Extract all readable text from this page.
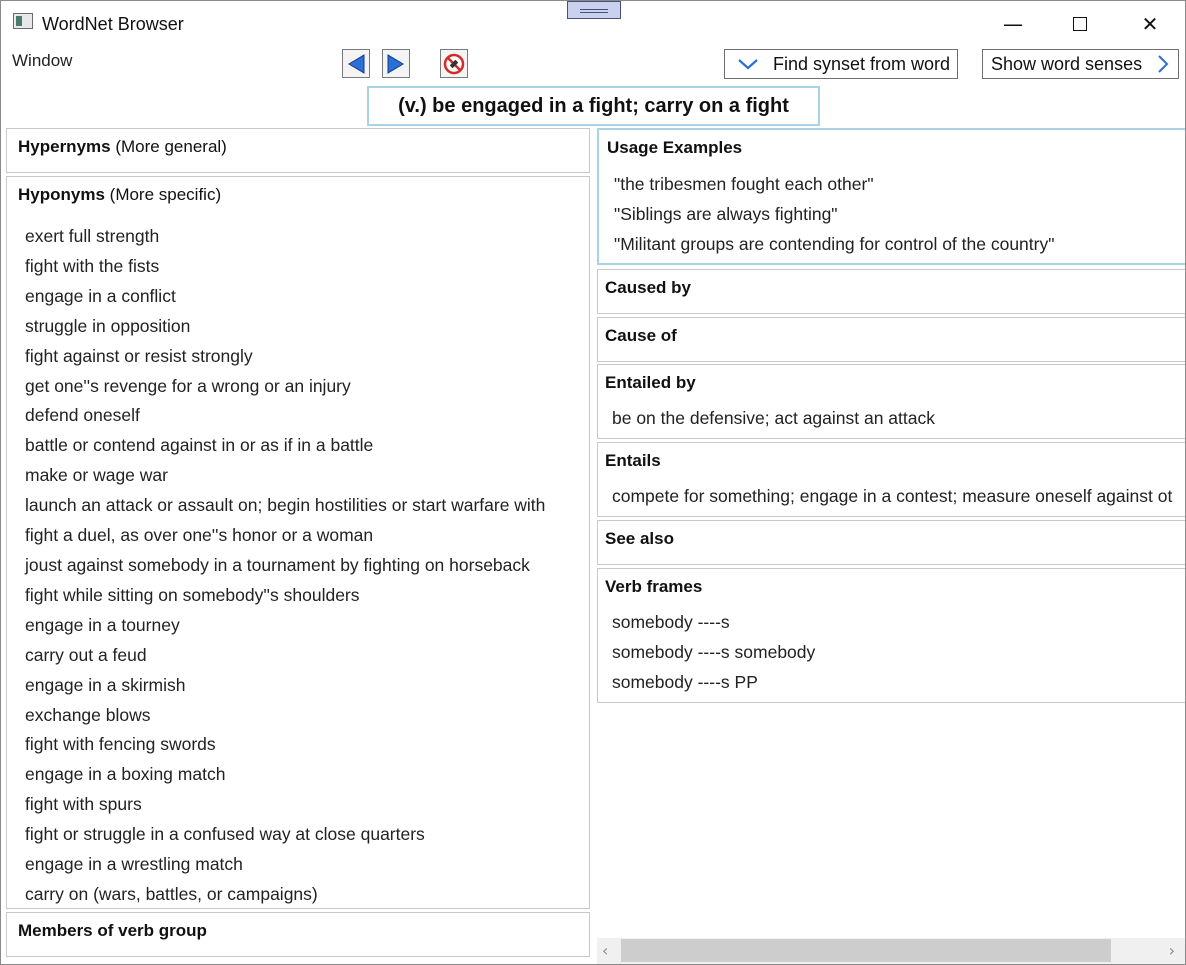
WordNet Browser	—	✕
Window	Find synset from word Show word senses
(v.) be engaged in a fight; carry on a fight
Hypernyms (More general)
Hyponyms (More specific)
exert full strength
fight with the fists
engage in a conflict
struggle in opposition
fight against or resist strongly
get one''s revenge for a wrong or an injury
defend oneself
battle or contend against in or as if in a battle
make or wage war
launch an attack or assault on; begin hostilities or start warfare with
fight a duel, as over one''s honor or a woman
joust against somebody in a tournament by fighting on horseback
fight while sitting on somebody''s shoulders
engage in a tourney
carry out a feud
engage in a skirmish
exchange blows
fight with fencing swords
engage in a boxing match
fight with spurs
fight or struggle in a confused way at close quarters
engage in a wrestling match
carry on (wars, battles, or campaigns)
Members of verb group
Usage Examples
"the tribesmen fought each other"
"Siblings are always fighting"
"Militant groups are contending for control of the country"
Caused by
Cause of
Entailed by
be on the defensive; act against an attack
Entails
compete for something; engage in a contest; measure oneself against ot
See also
Verb frames
somebody ----s
somebody ----s somebody
somebody ----s PP
‹	›
